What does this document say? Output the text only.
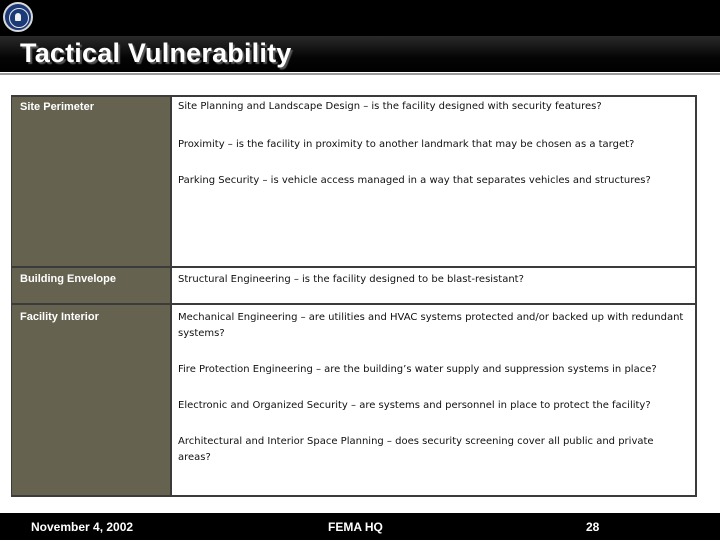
Tactical Vulnerability
Site Perimeter	Site Planning and Landscape Design – is the facility designed with security features?
Proximity – is the facility in proximity to another landmark that may be chosen as a target?
Parking Security – is vehicle access managed in a way that separates vehicles and structures?
Building Envelope	Structural Engineering – is the facility designed to be blast-resistant?
Facility Interior	Mechanical Engineering – are utilities and HVAC systems protected and/or backed up with redundant systems?
Fire Protection Engineering – are the building’s water supply and suppression systems in place?
Electronic and Organized Security – are systems and personnel in place to protect the facility?
Architectural and Interior Space Planning – does security screening cover all public and private areas?
November 4, 2002	FEMA HQ	28
